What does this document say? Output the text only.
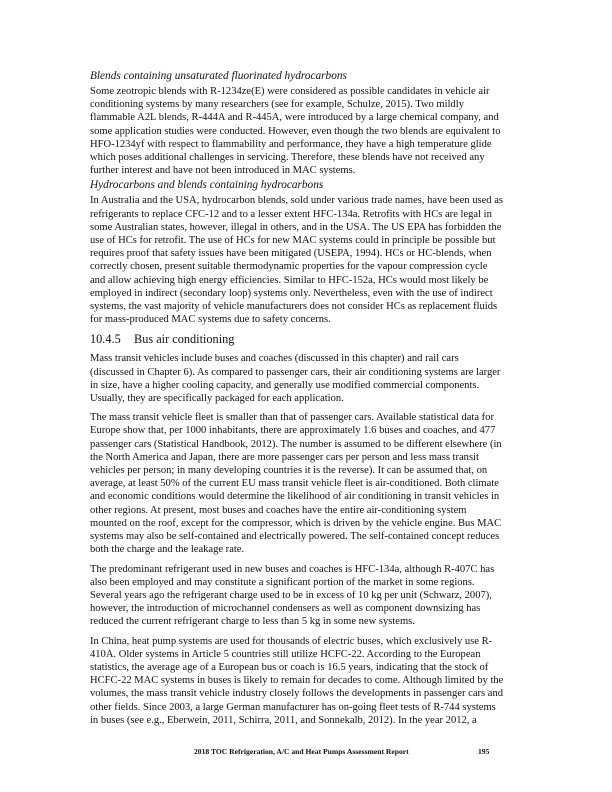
Blends containing unsaturated fluorinated hydrocarbons
Some zeotropic blends with R-1234ze(E) were considered as possible candidates in vehicle air
conditioning systems by many researchers (see for example, Schulze, 2015). Two mildly
flammable A2L blends, R-444A and R-445A, were introduced by a large chemical company, and
some application studies were conducted. However, even though the two blends are equivalent to
HFO-1234yf with respect to flammability and performance, they have a high temperature glide
which poses additional challenges in servicing. Therefore, these blends have not received any
further interest and have not been introduced in MAC systems.
Hydrocarbons and blends containing hydrocarbons
In Australia and the USA, hydrocarbon blends, sold under various trade names, have been used as
refrigerants to replace CFC-12 and to a lesser extent HFC-134a. Retrofits with HCs are legal in
some Australian states, however, illegal in others, and in the USA. The US EPA has forbidden the
use of HCs for retrofit. The use of HCs for new MAC systems could in principle be possible but
requires proof that safety issues have been mitigated (USEPA, 1994). HCs or HC-blends, when
correctly chosen, present suitable thermodynamic properties for the vapour compression cycle
and allow achieving high energy efficiencies. Similar to HFC-152a, HCs would most likely be
employed in indirect (secondary loop) systems only. Nevertheless, even with the use of indirect
systems, the vast majority of vehicle manufacturers does not consider HCs as replacement fluids
for mass-produced MAC systems due to safety concerns.
10.4.5 Bus air conditioning
Mass transit vehicles include buses and coaches (discussed in this chapter) and rail cars
(discussed in Chapter 6). As compared to passenger cars, their air conditioning systems are larger
in size, have a higher cooling capacity, and generally use modified commercial components.
Usually, they are specifically packaged for each application.
The mass transit vehicle fleet is smaller than that of passenger cars. Available statistical data for
Europe show that, per 1000 inhabitants, there are approximately 1.6 buses and coaches, and 477
passenger cars (Statistical Handbook, 2012). The number is assumed to be different elsewhere (in
the North America and Japan, there are more passenger cars per person and less mass transit
vehicles per person; in many developing countries it is the reverse). It can be assumed that, on
average, at least 50% of the current EU mass transit vehicle fleet is air-conditioned. Both climate
and economic conditions would determine the likelihood of air conditioning in transit vehicles in
other regions. At present, most buses and coaches have the entire air-conditioning system
mounted on the roof, except for the compressor, which is driven by the vehicle engine. Bus MAC
systems may also be self-contained and electrically powered. The self-contained concept reduces
both the charge and the leakage rate.
The predominant refrigerant used in new buses and coaches is HFC-134a, although R-407C has
also been employed and may constitute a significant portion of the market in some regions.
Several years ago the refrigerant charge used to be in excess of 10 kg per unit (Schwarz, 2007),
however, the introduction of microchannel condensers as well as component downsizing has
reduced the current refrigerant charge to less than 5 kg in some new systems.
In China, heat pump systems are used for thousands of electric buses, which exclusively use R-
410A. Older systems in Article 5 countries still utilize HCFC-22. According to the European
statistics, the average age of a European bus or coach is 16.5 years, indicating that the stock of
HCFC-22 MAC systems in buses is likely to remain for decades to come. Although limited by the
volumes, the mass transit vehicle industry closely follows the developments in passenger cars and
other fields. Since 2003, a large German manufacturer has on-going fleet tests of R-744 systems
in buses (see e.g., Eberwein, 2011, Schirra, 2011, and Sonnekalb, 2012). In the year 2012, a
2018 TOC Refrigeration, A/C and Heat Pumps Assessment Report	195
